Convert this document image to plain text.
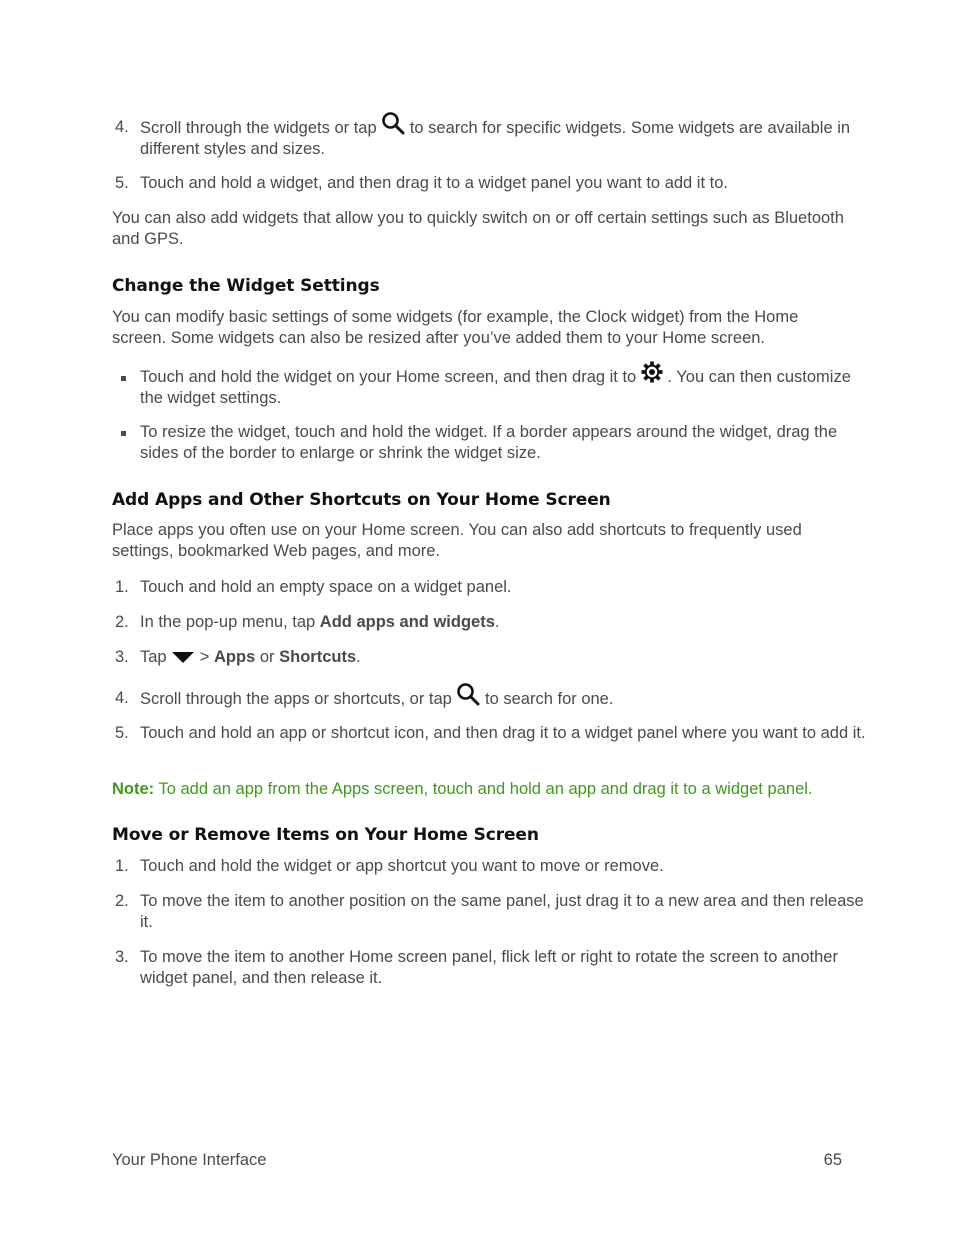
4. Scroll through the widgets or tap to search for specific widgets. Some widgets are available in different styles and sizes.
5. Touch and hold a widget, and then drag it to a widget panel you want to add it to.
You can also add widgets that allow you to quickly switch on or off certain settings such as Bluetooth and GPS.
Change the Widget Settings
You can modify basic settings of some widgets (for example, the Clock widget) from the Home screen. Some widgets can also be resized after you’ve added them to your Home screen.
Touch and hold the widget on your Home screen, and then drag it to . You can then customize the widget settings.
To resize the widget, touch and hold the widget. If a border appears around the widget, drag the sides of the border to enlarge or shrink the widget size.
Add Apps and Other Shortcuts on Your Home Screen
Place apps you often use on your Home screen. You can also add shortcuts to frequently used settings, bookmarked Web pages, and more.
1. Touch and hold an empty space on a widget panel.
2. In the pop-up menu, tap Add apps and widgets.
3. Tap  > Apps or Shortcuts.
4. Scroll through the apps or shortcuts, or tap to search for one.
5. Touch and hold an app or shortcut icon, and then drag it to a widget panel where you want to add it.
Note: To add an app from the Apps screen, touch and hold an app and drag it to a widget panel.
Move or Remove Items on Your Home Screen
1. Touch and hold the widget or app shortcut you want to move or remove.
2. To move the item to another position on the same panel, just drag it to a new area and then release it.
3. To move the item to another Home screen panel, flick left or right to rotate the screen to another widget panel, and then release it.
Your Phone Interface	65
